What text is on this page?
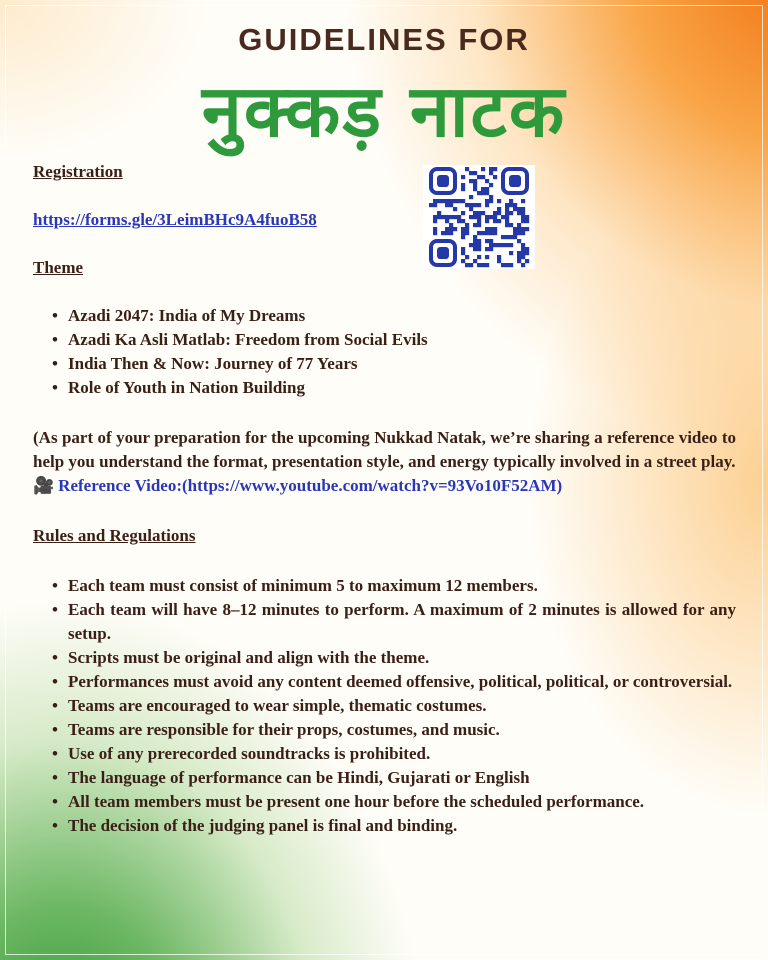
GUIDELINES FOR
नुक्कड़ नाटक

Registration

https://forms.gle/3LeimBHc9A4fuoB58

Theme

• Azadi 2047: India of My Dreams
• Azadi Ka Asli Matlab: Freedom from Social Evils
• India Then & Now: Journey of 77 Years
• Role of Youth in Nation Building

(As part of your preparation for the upcoming Nukkad Natak, we’re sharing a reference video to help you understand the format, presentation style, and energy typically involved in a street play.

🎥 Reference Video:(https://www.youtube.com/watch?v=93Vo10F52AM)

Rules and Regulations

• Each team must consist of minimum 5 to maximum 12 members.
• Each team will have 8–12 minutes to perform. A maximum of 2 minutes is allowed for any setup.
• Scripts must be original and align with the theme.
• Performances must avoid any content deemed offensive, political, political, or controversial.
• Teams are encouraged to wear simple, thematic costumes.
• Teams are responsible for their props, costumes, and music.
• Use of any prerecorded soundtracks is prohibited.
• The language of performance can be Hindi, Gujarati or English
• All team members must be present one hour before the scheduled performance.
• The decision of the judging panel is final and binding.
